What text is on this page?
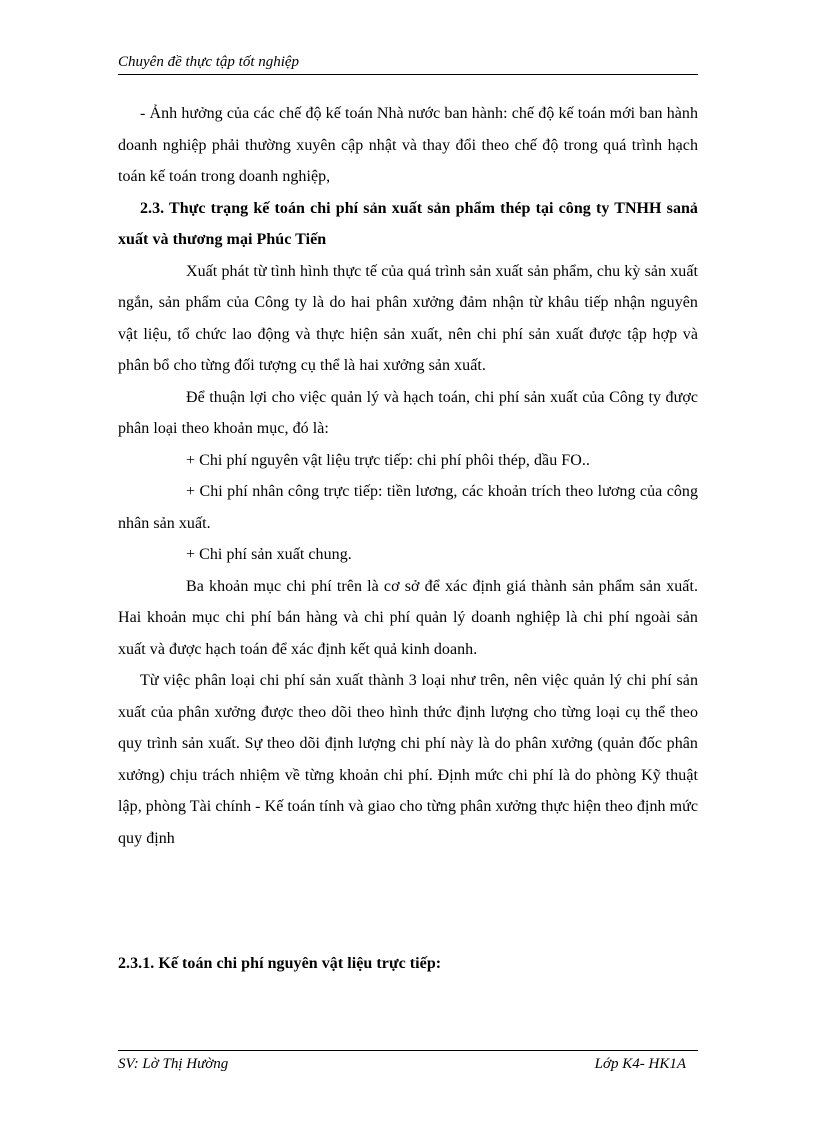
Chuyên đề thực tập tốt nghiệp

- Ảnh hưởng của các chế độ kế toán Nhà nước ban hành: chế độ kế toán mới ban hành doanh nghiệp phải thường xuyên cập nhật và thay đổi theo chế độ trong quá trình hạch toán kế toán trong doanh nghiệp,

2.3. Thực trạng kế toán chi phí sản xuất sản phẩm thép tại công ty TNHH sanả xuất và thương mại Phúc Tiến

Xuất phát từ tình hình thực tế của quá trình sản xuất sản phẩm, chu kỳ sản xuất ngắn, sản phẩm của Công ty là do hai phân xưởng đảm nhận từ khâu tiếp nhận nguyên vật liệu, tổ chức lao động và thực hiện sản xuất, nên chi phí sản xuất được tập hợp và phân bổ cho từng đối tượng cụ thể là hai xưởng sản xuất.

Để thuận lợi cho việc quản lý và hạch toán, chi phí sản xuất của Công ty được phân loại theo khoản mục, đó là:

+ Chi phí nguyên vật liệu trực tiếp: chi phí phôi thép, dầu FO..

+ Chi phí nhân công trực tiếp: tiền lương, các khoản trích theo lương của công nhân sản xuất.

+ Chi phí sản xuất chung.

Ba khoản mục chi phí trên là cơ sở để xác định giá thành sản phẩm sản xuất. Hai khoản mục chi phí bán hàng và chi phí quản lý doanh nghiệp là chi phí ngoài sản xuất và được hạch toán để xác định kết quả kinh doanh.

Từ việc phân loại chi phí sản xuất thành 3 loại như trên, nên việc quản lý chi phí sản xuất của phân xưởng được theo dõi theo hình thức định lượng cho từng loại cụ thể theo quy trình sản xuất. Sự theo dõi định lượng chi phí này là do phân xưởng (quản đốc phân xưởng) chịu trách nhiệm về từng khoản chi phí. Định mức chi phí là do phòng Kỹ thuật lập, phòng Tài chính - Kế toán tính và giao cho từng phân xưởng thực hiện theo định mức quy định

2.3.1. Kế toán chi phí nguyên vật liệu trực tiếp:

SV: Lờ Thị Hường	Lớp K4- HK1A
